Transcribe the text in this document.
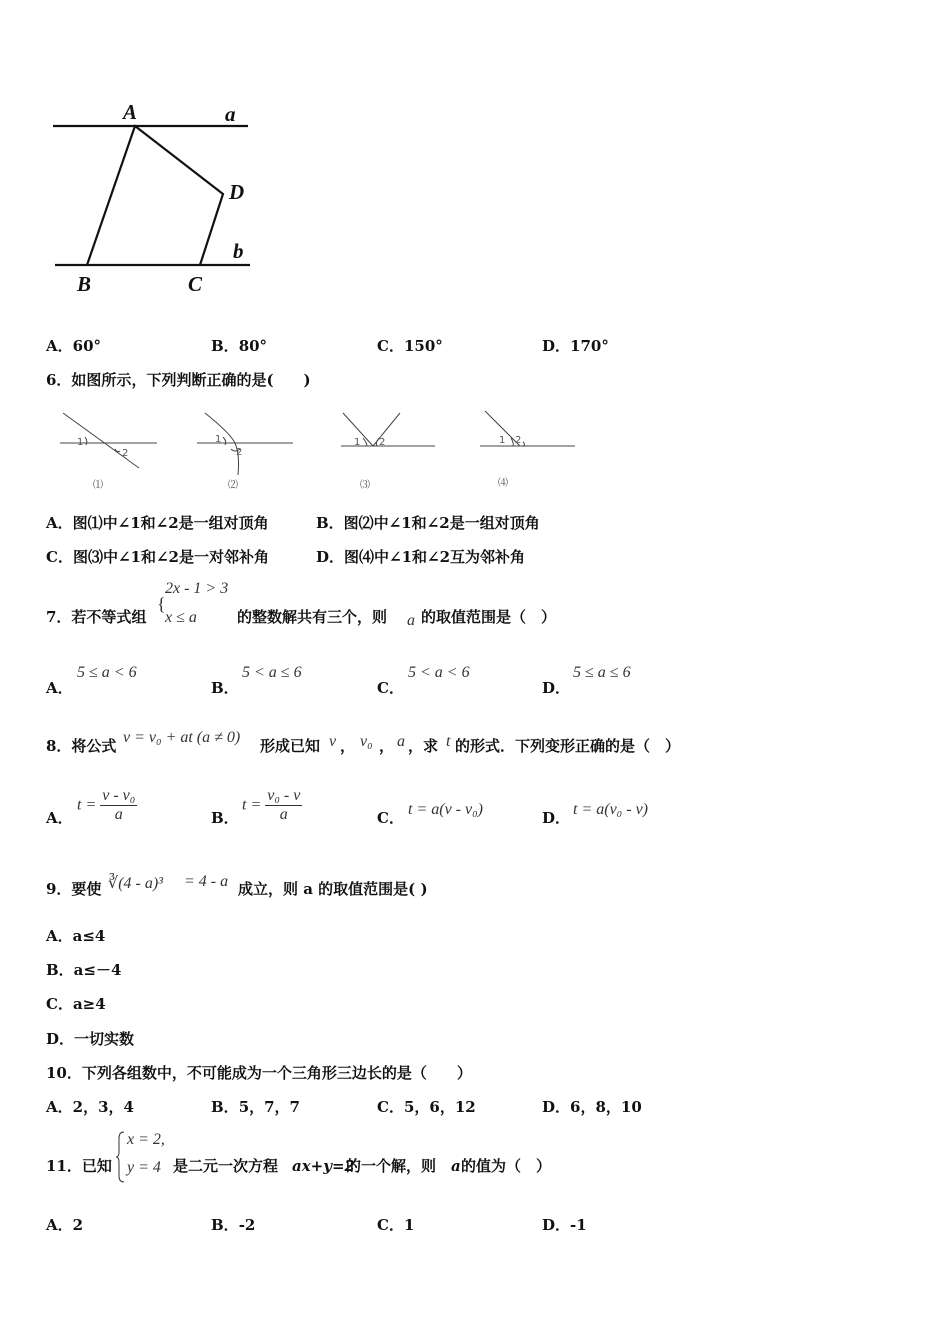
A	a
D
b
B	C
A．60°	B．80°	C．150°	D．170°
6．如图所示，下列判断正确的是(　　)
1
2
⑴
1
2
⑵
1 2
⑶
1 2
⑷
A．图⑴中∠1和∠2是一组对顶角	B．图⑵中∠1和∠2是一组对顶角
C．图⑶中∠1和∠2是一对邻补角	D．图⑷中∠1和∠2互为邻补角
7．若不等式组
{
2x - 1 > 3
x ≤ a	的整数解共有三个，则 a 的取值范围是（　）
A．
5 ≤ a < 6
B．
5 < a ≤ 6
C．
5 < a < 6
D．
5 ≤ a ≤ 6
8．将公式 v = v₀ + at (a ≠ 0) 形成已知 v ， v₀ ， a ，求 t 的形式．下列变形正确的是（　）
A．
$t = \frac{\text{v - v₀}}{a}$	B．
$t = \frac{\text{v₀ - v}}{a}$	C． t = a(v - v₀)	D． t = a(v₀ - v)
9．要使 ∛(4 - a)³ = 4 - a 成立，则 a 的取值范围是( )
A．a≤4
B．a≤－4
C．a≥4
D．一切实数
10．下列各组数中，不可能成为一个三角形三边长的是（　　）
A．2，3，4	B．5，7，7	C．5，6，12	D．6，8，10
11．已知
x = 2,
y = 4 是二元一次方程 ax+y=2
的一个解，则 a 的值为（　）
A．2	B．-2	C．1	D．-1
